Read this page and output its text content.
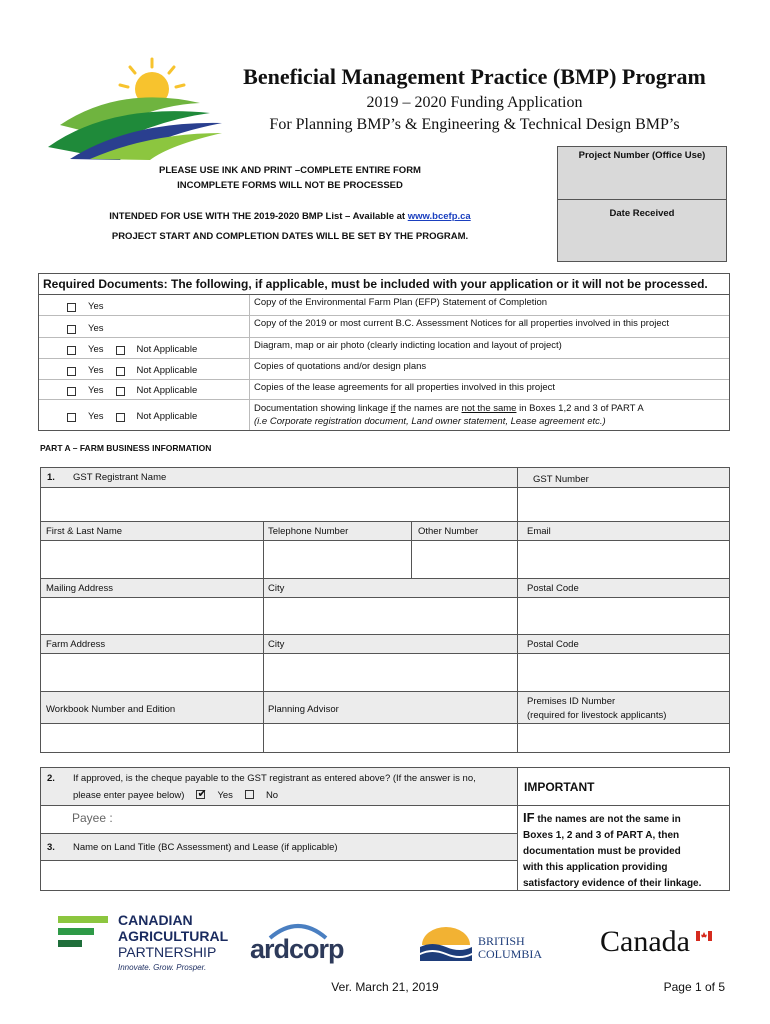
Beneficial Management Practice (BMP) Program
2019 – 2020 Funding Application
For Planning BMP’s & Engineering & Technical Design BMP’s
Project Number (Office Use)
Date Received
PLEASE USE INK AND PRINT –COMPLETE ENTIRE FORM
INCOMPLETE FORMS WILL NOT BE PROCESSED
INTENDED FOR USE WITH THE 2019-2020 BMP List – Available at www.bcefp.ca
PROJECT START AND COMPLETION DATES WILL BE SET BY THE PROGRAM.
Required Documents: The following, if applicable, must be included with your application or it will not be processed.
Yes	Copy of the Environmental Farm Plan (EFP) Statement of Completion
Yes	Copy of the 2019 or most current B.C. Assessment Notices for all properties involved in this project
Yes	Not Applicable	Diagram, map or air photo (clearly indicting location and layout of project)
Yes	Not Applicable	Copies of quotations and/or design plans
Yes	Not Applicable	Copies of the lease agreements for all properties involved in this project
Yes	Not Applicable
Documentation showing linkage if the names are not the same in Boxes 1,2 and 3 of PART A
(i.e Corporate registration document, Land owner statement, Lease agreement etc.)
PART A – FARM BUSINESS INFORMATION
1. GST Registrant Name	GST Number
First & Last Name	Telephone Number	Other Number	Email
Mailing Address	City	Postal Code
Farm Address	City	Postal Code
Workbook Number and Edition	Planning Advisor
Premises ID Number
(required for livestock applicants)
2. If approved, is the cheque payable to the GST registrant as entered above? (If the answer is no,
please enter payee below)✔	Yes	No
Payee :
3. Name on Land Title (BC Assessment) and Lease (if applicable)
IMPORTANT
IF the names are not the same in
Boxes 1, 2 and 3 of PART A, then
documentation must be provided
with this application providing
satisfactory evidence of their linkage.
CANADIAN
AGRICULTURAL
PARTNERSHIP
Innovate. Grow. Prosper.
ardcorp	BRITISH
COLUMBIA Canada
Ver. March 21, 2019	Page 1 of 5
